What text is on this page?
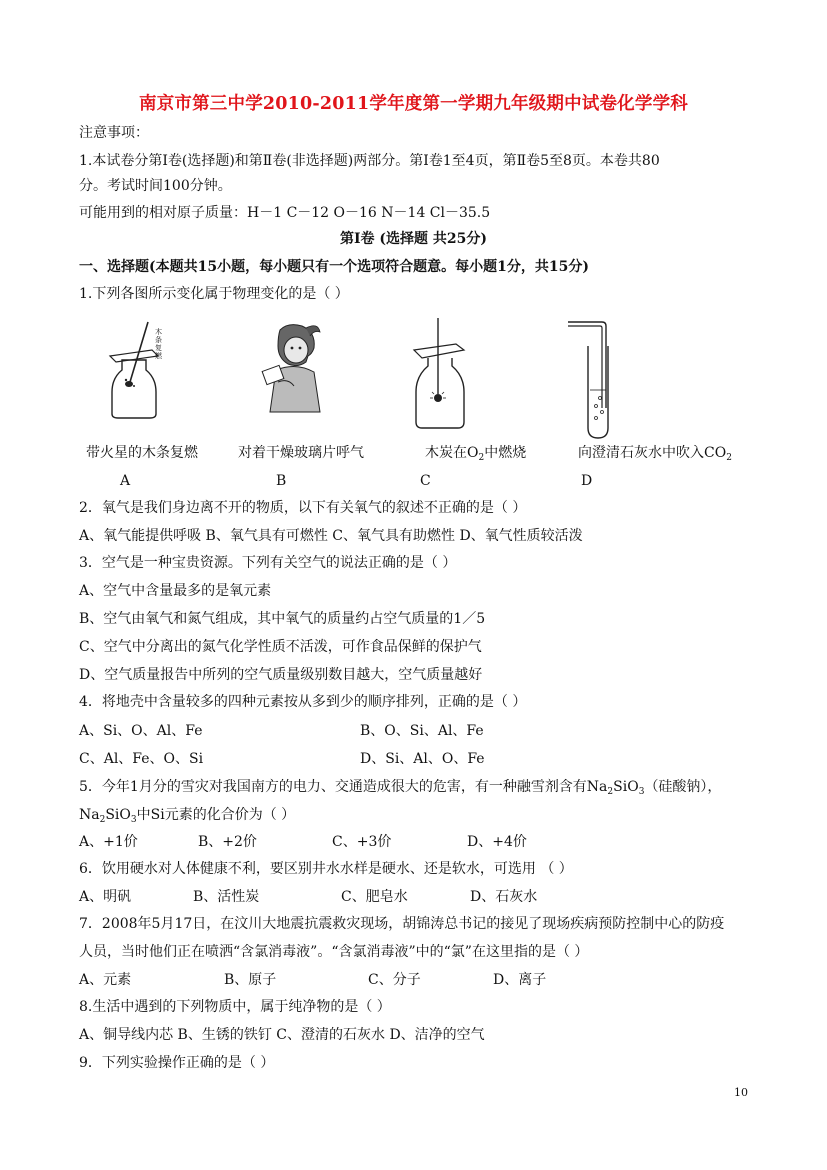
南京市第三中学2010-2011学年度第一学期九年级期中试卷化学学科
注意事项：
1.本试卷分第Ⅰ卷(选择题)和第Ⅱ卷(非选择题)两部分。第Ⅰ卷1至4页，第Ⅱ卷5至8页。本卷共80
分。考试时间100分钟。
可能用到的相对原子质量：H－1 C－12 O－16 N－14 Cl－35.5
第Ⅰ卷 (选择题 共25分)
一、选择题(本题共15小题，每小题只有一个选项符合题意。每小题1分，共15分)
1.下列各图所示变化属于物理变化的是（ ）
木条复燃
带火星的木条复燃	对着干燥玻璃片呼气	木炭在$O_2$中燃烧	向澄清石灰水中吹入$CO_2$
A	B	C	D
2．氧气是我们身边离不开的物质，以下有关氧气的叙述不正确的是（ ）
A、氧气能提供呼吸 B、氧气具有可燃性 C、氧气具有助燃性 D、氧气性质较活泼
3．空气是一种宝贵资源。下列有关空气的说法正确的是（ ）
A、空气中含量最多的是氧元素
B、空气由氧气和氮气组成，其中氧气的质量约占空气质量的1／5
C、空气中分离出的氮气化学性质不活泼，可作食品保鲜的保护气
D、空气质量报告中所列的空气质量级别数目越大，空气质量越好
4．将地壳中含量较多的四种元素按从多到少的顺序排列，正确的是（ ）
A、Si、O、Al、Fe	B、O、Si、Al、Fe
C、Al、Fe、O、Si	D、Si、Al、O、Fe
5．今年1月分的雪灾对我国南方的电力、交通造成很大的危害，有一种融雪剂含有$Na_2SiO_3$（硅酸钠），
$Na_2SiO_3$中Si元素的化合价为（ ）
A、+1价	B、+2价	C、+3价	D、+4价
6．饮用硬水对人体健康不利，要区别井水水样是硬水、还是软水，可选用 （ ）
A、明矾	B、活性炭	C、肥皂水	D、石灰水
7．2008年5月17日，在汶川大地震抗震救灾现场，胡锦涛总书记的接见了现场疾病预防控制中心的防疫
人员，当时他们正在喷洒“含氯消毒液”。“含氯消毒液”中的“氯”在这里指的是（ ）
A、元素	B、原子	C、分子	D、离子
8.生活中遇到的下列物质中，属于纯净物的是（ ）
A、铜导线内芯 B、生锈的铁钉 C、澄清的石灰水 D、洁净的空气
9．下列实验操作正确的是（ ）
10
